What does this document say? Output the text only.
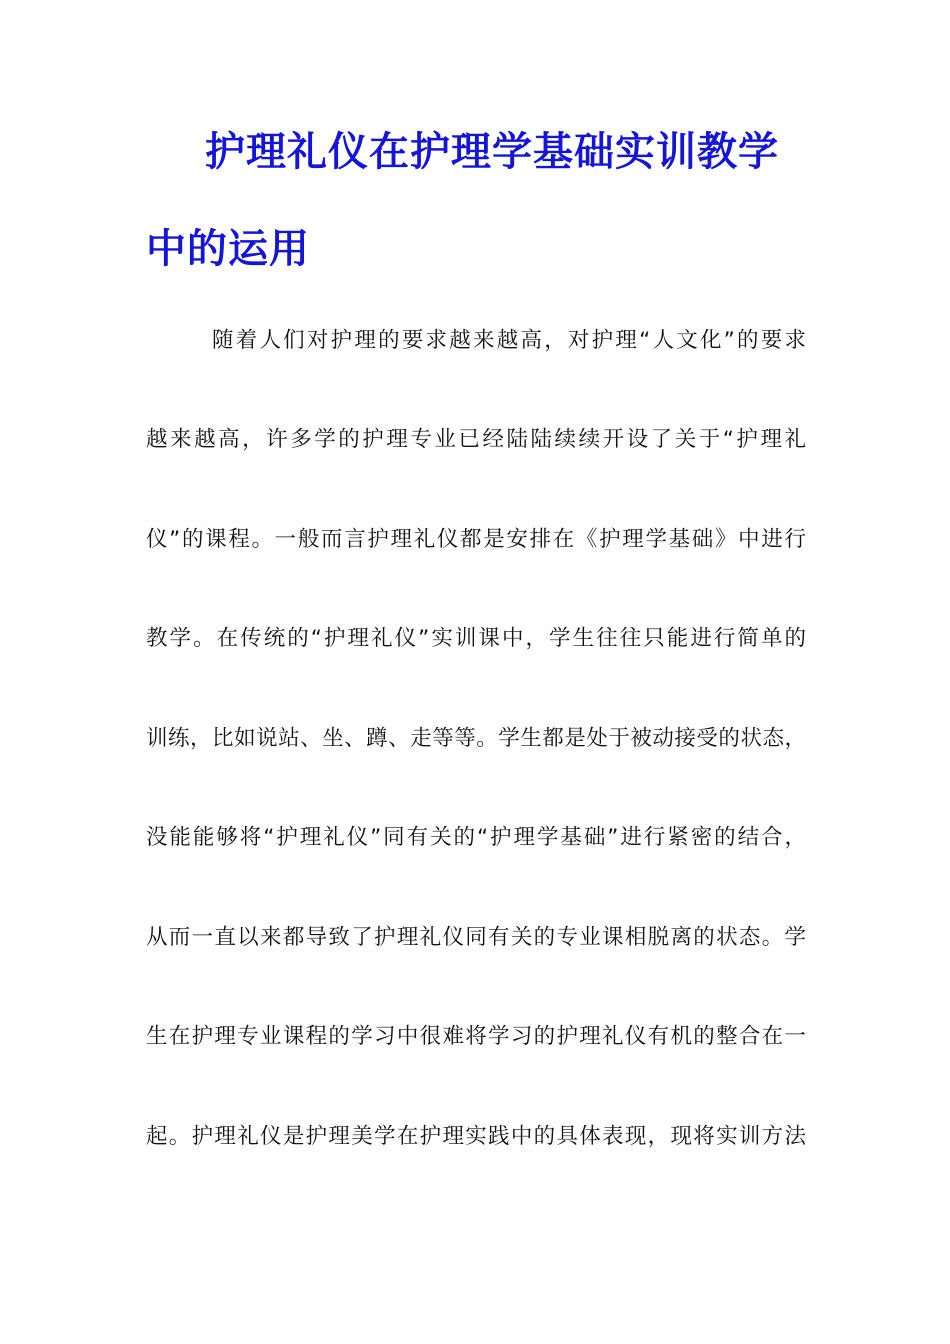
护理礼仪在护理学基础实训教学
中的运用
随着人们对护理的要求越来越高，对护理“人文化”的要求
越来越高，许多学的护理专业已经陆陆续续开设了关于“护理礼
仪”的课程。一般而言护理礼仪都是安排在《护理学基础》中进行
教学。在传统的“护理礼仪”实训课中，学生往往只能进行简单的
训练，比如说站、坐、蹲、走等等。学生都是处于被动接受的状态，
没能能够将“护理礼仪”同有关的“护理学基础”进行紧密的结合，
从而一直以来都导致了护理礼仪同有关的专业课相脱离的状态。学
生在护理专业课程的学习中很难将学习的护理礼仪有机的整合在一
起。护理礼仪是护理美学在护理实践中的具体表现，现将实训方法
